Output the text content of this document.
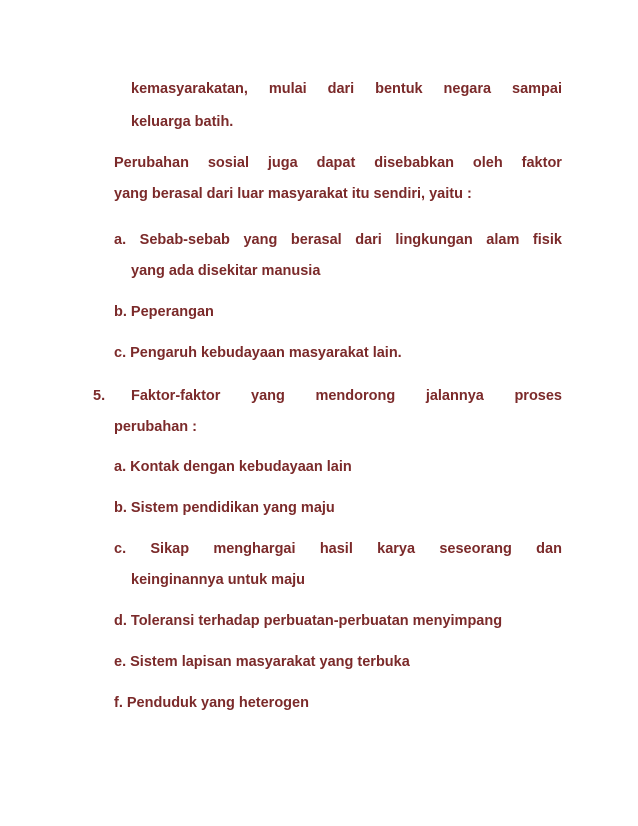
kemasyarakatan, mulai dari bentuk negara sampai
keluarga batih.
Perubahan sosial juga dapat disebabkan oleh faktor
yang berasal dari luar masyarakat itu sendiri, yaitu :
a. Sebab-sebab yang berasal dari lingkungan alam fisik
yang ada disekitar manusia
b. Peperangan
c. Pengaruh kebudayaan masyarakat lain.
5. Faktor-faktor yang mendorong jalannya proses
perubahan :
a. Kontak dengan kebudayaan lain
b. Sistem pendidikan yang maju
c. Sikap menghargai hasil karya seseorang dan
keinginannya untuk maju
d. Toleransi terhadap perbuatan-perbuatan menyimpang
e. Sistem lapisan masyarakat yang terbuka
f. Penduduk yang heterogen
